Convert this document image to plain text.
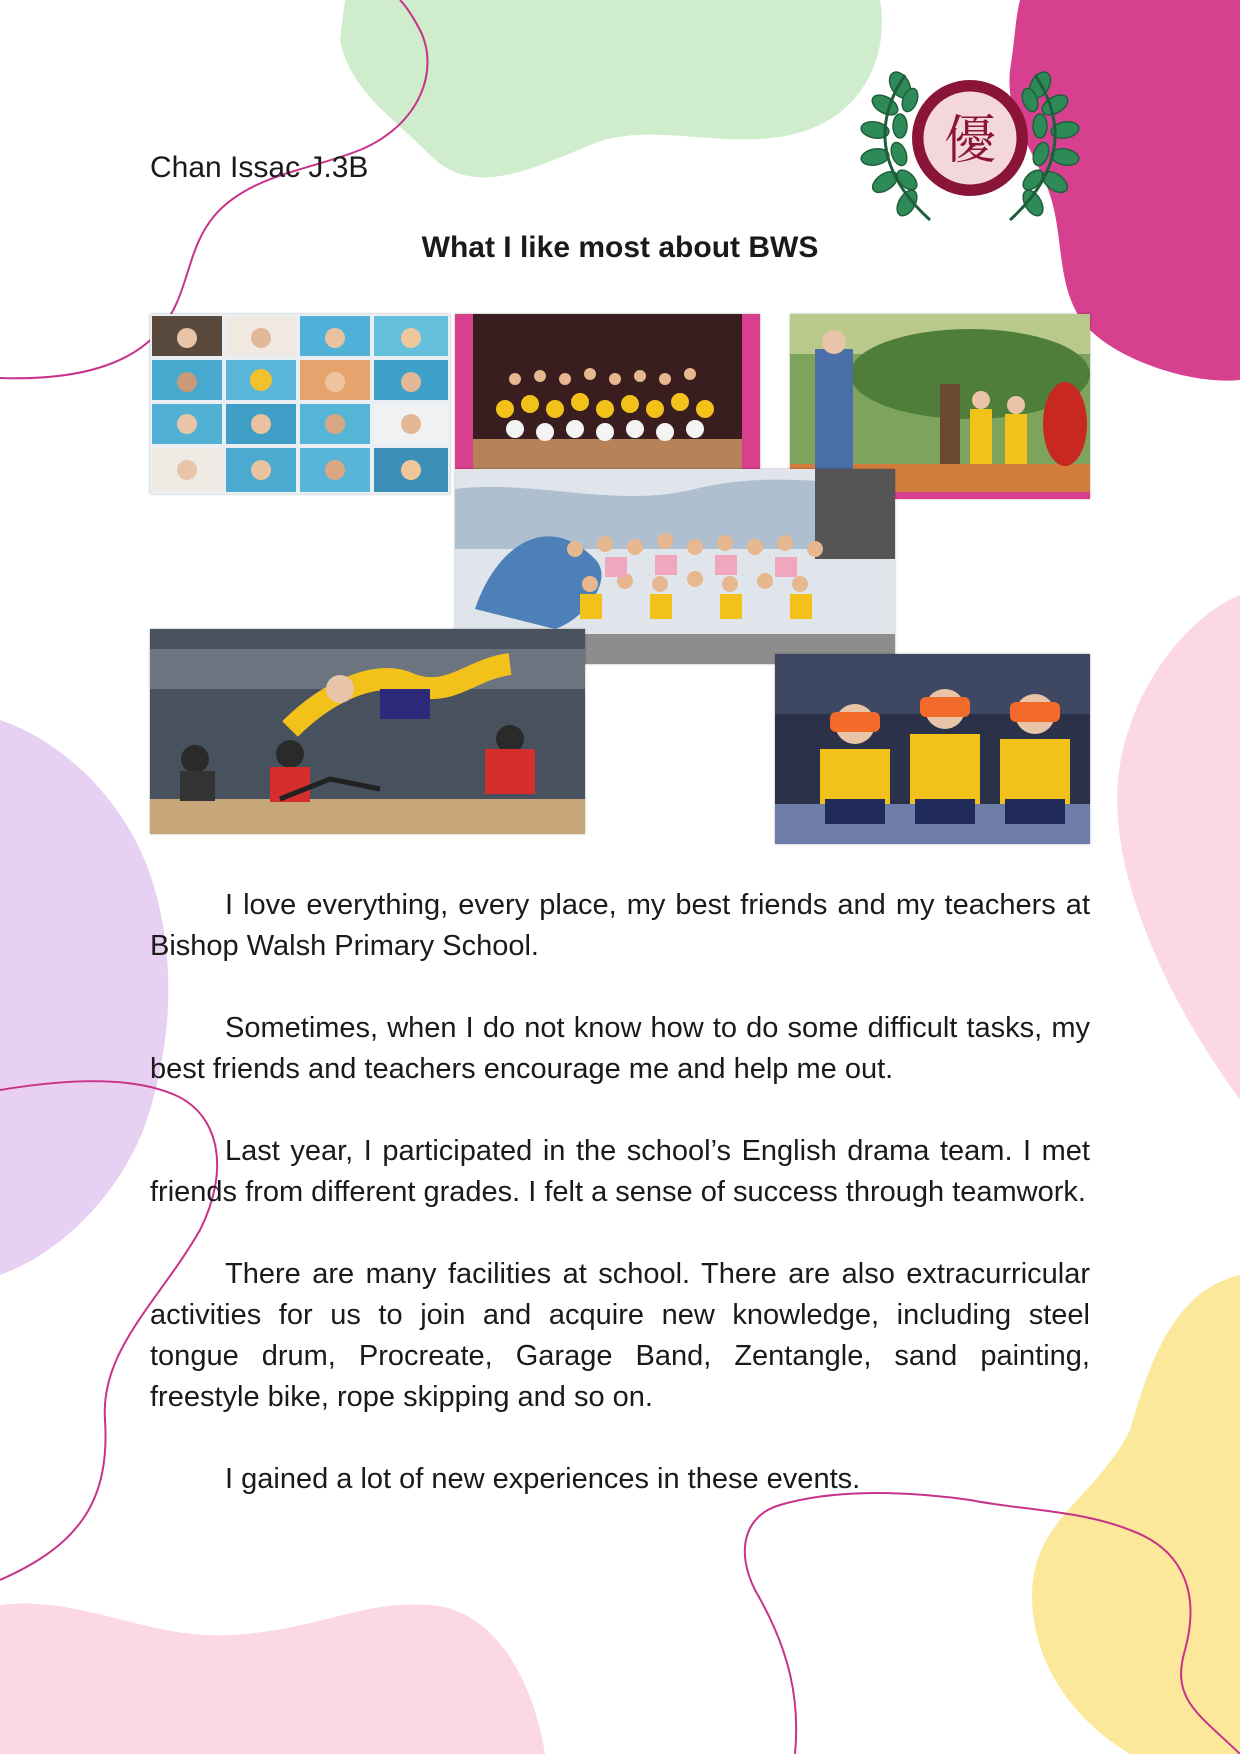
Chan Issac J.3B	優
What I like most about BWS

I love everything, every place, my best friends and my teachers at Bishop Walsh Primary School.

Sometimes, when I do not know how to do some difficult tasks, my best friends and teachers encourage me and help me out.

Last year, I participated in the school’s English drama team. I met friends from different grades. I felt a sense of success through teamwork.

There are many facilities at school. There are also extracurricular activities for us to join and acquire new knowledge, including steel tongue drum, Procreate, Garage Band, Zentangle, sand painting, freestyle bike, rope skipping and so on.

I gained a lot of new experiences in these events.
